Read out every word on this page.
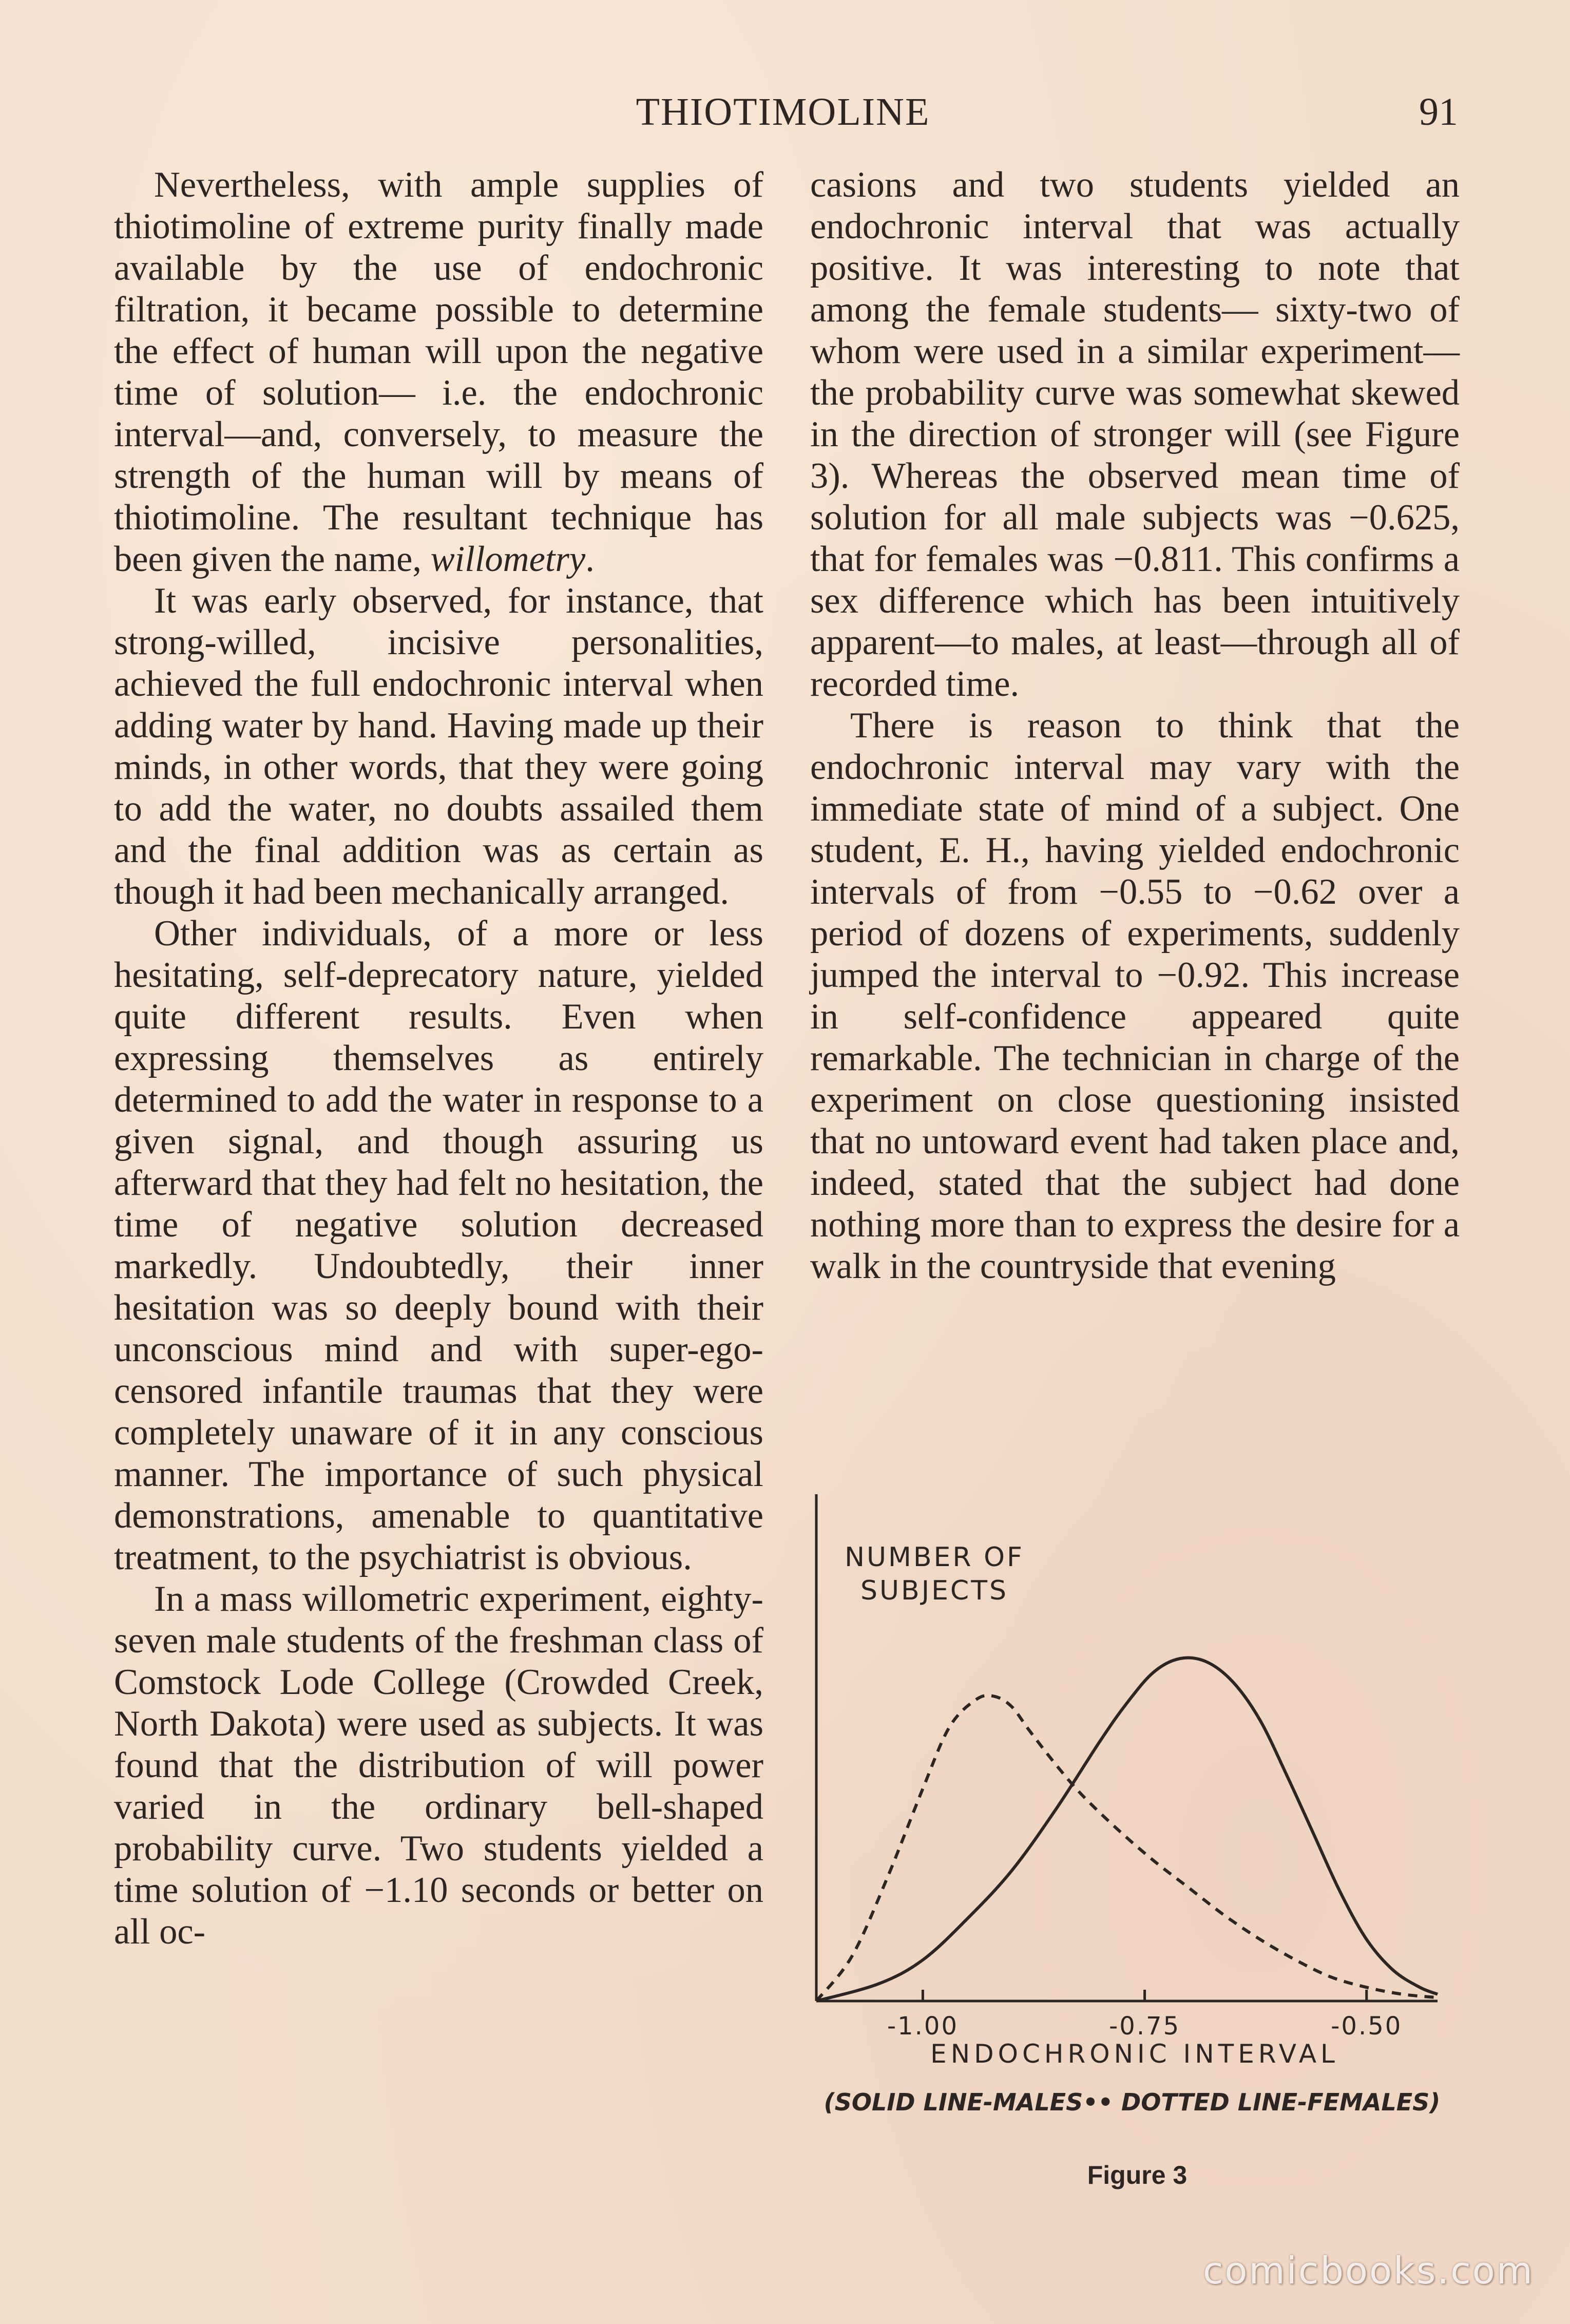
THIOTIMOLINE	91

Nevertheless, with ample supplies of thiotimoline of extreme purity finally made available by the use of endochronic filtration, it became possible to determine the effect of human will upon the negative time of solution— i.e. the endochronic interval—and, conversely, to measure the strength of the human will by means of thiotimoline. The resultant technique has been given the name, willometry.

It was early observed, for instance, that strong-willed, incisive personalities, achieved the full endochronic interval when adding water by hand. Having made up their minds, in other words, that they were going to add the water, no doubts assailed them and the final addition was as certain as though it had been mechanically arranged.

Other individuals, of a more or less hesitating, self-deprecatory nature, yielded quite different results. Even when expressing themselves as entirely determined to add the water in response to a given signal, and though assuring us afterward that they had felt no hesitation, the time of negative solution decreased markedly. Undoubtedly, their inner hesitation was so deeply bound with their unconscious mind and with super-ego-censored infantile traumas that they were completely unaware of it in any conscious manner. The importance of such physical demonstrations, amenable to quantitative treatment, to the psychiatrist is obvious.

In a mass willometric experiment, eighty-seven male students of the freshman class of Comstock Lode College (Crowded Creek, North Dakota) were used as subjects. It was found that the distribution of will power varied in the ordinary bell-shaped probability curve. Two students yielded a time solution of −1.10 seconds or better on all oc-

casions and two students yielded an endochronic interval that was actually positive. It was interesting to note that among the female students— sixty-two of whom were used in a similar experiment—the probability curve was somewhat skewed in the direction of stronger will (see Figure 3). Whereas the observed mean time of solution for all male subjects was −0.625, that for females was −0.811. This confirms a sex difference which has been intuitively apparent—to males, at least—through all of recorded time.

There is reason to think that the endochronic interval may vary with the immediate state of mind of a subject. One student, E. H., having yielded endochronic intervals of from −0.55 to −0.62 over a period of dozens of experiments, suddenly jumped the interval to −0.92. This increase in self-confidence appeared quite remarkable. The technician in charge of the experiment on close questioning insisted that no untoward event had taken place and, indeed, stated that the subject had done nothing more than to express the desire for a walk in the countryside that evening

NUMBER OF
SUBJECTS
-1.00	-0.75	-0.50
ENDOCHRONIC INTERVAL
(SOLID LINE-MALES•• DOTTED LINE-FEMALES)
Figure 3
comicbooks.com
